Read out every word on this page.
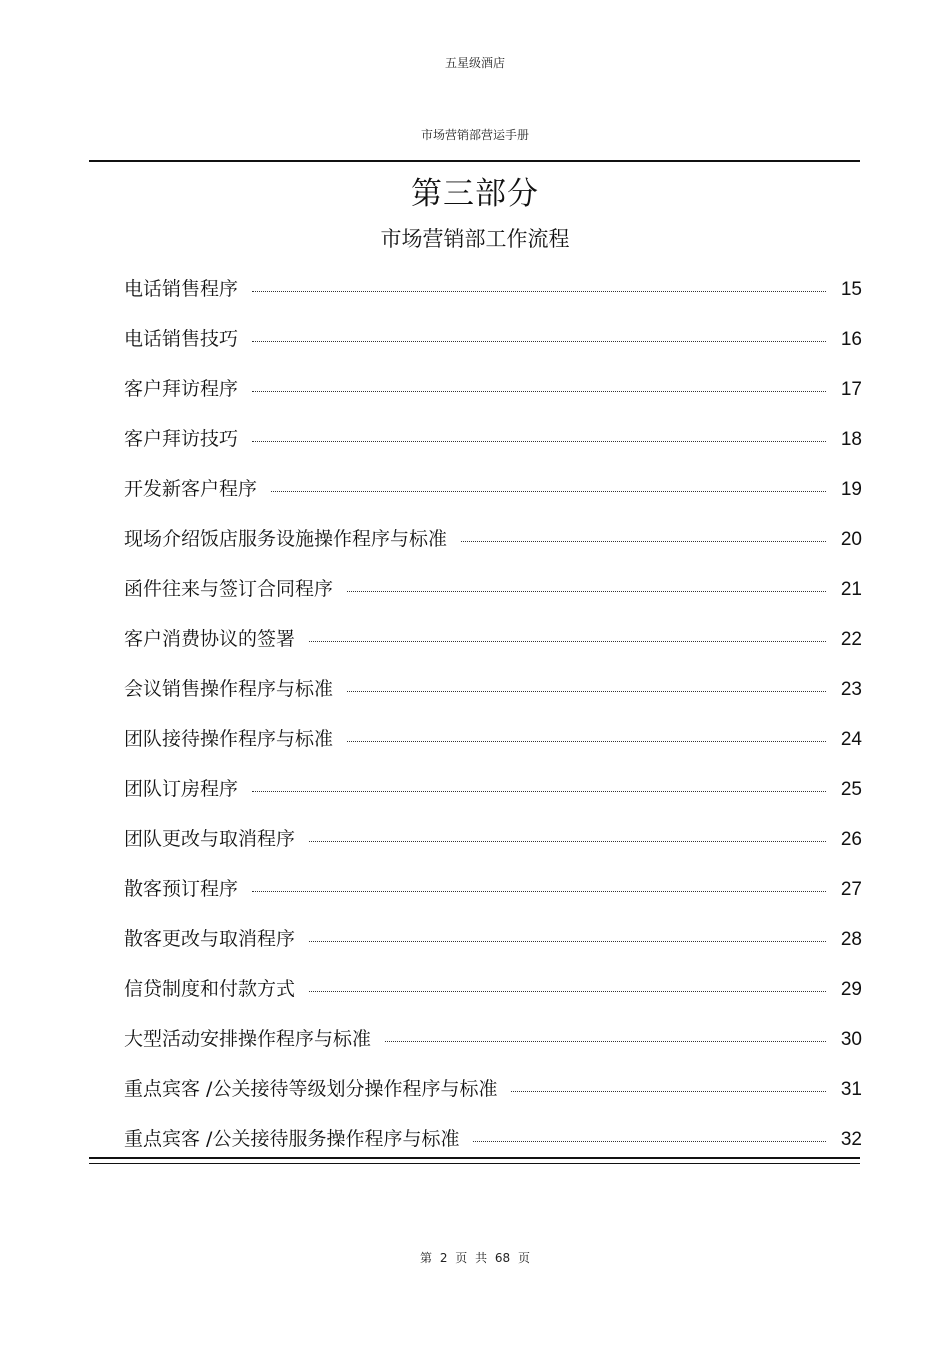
五星级酒店
市场营销部营运手册
第三部分
市场营销部工作流程
电话销售程序	15
电话销售技巧	16
客户拜访程序	17
客户拜访技巧	18
开发新客户程序	19
现场介绍饭店服务设施操作程序与标准	20
函件往来与签订合同程序	21
客户消费协议的签署	22
会议销售操作程序与标准	23
团队接待操作程序与标准	24
团队订房程序	25
团队更改与取消程序	26
散客预订程序	27
散客更改与取消程序	28
信贷制度和付款方式	29
大型活动安排操作程序与标准	30
重点宾客 /公关接待等级划分操作程序与标准	31
重点宾客 /公关接待服务操作程序与标准	32
第 2 页 共 68 页
